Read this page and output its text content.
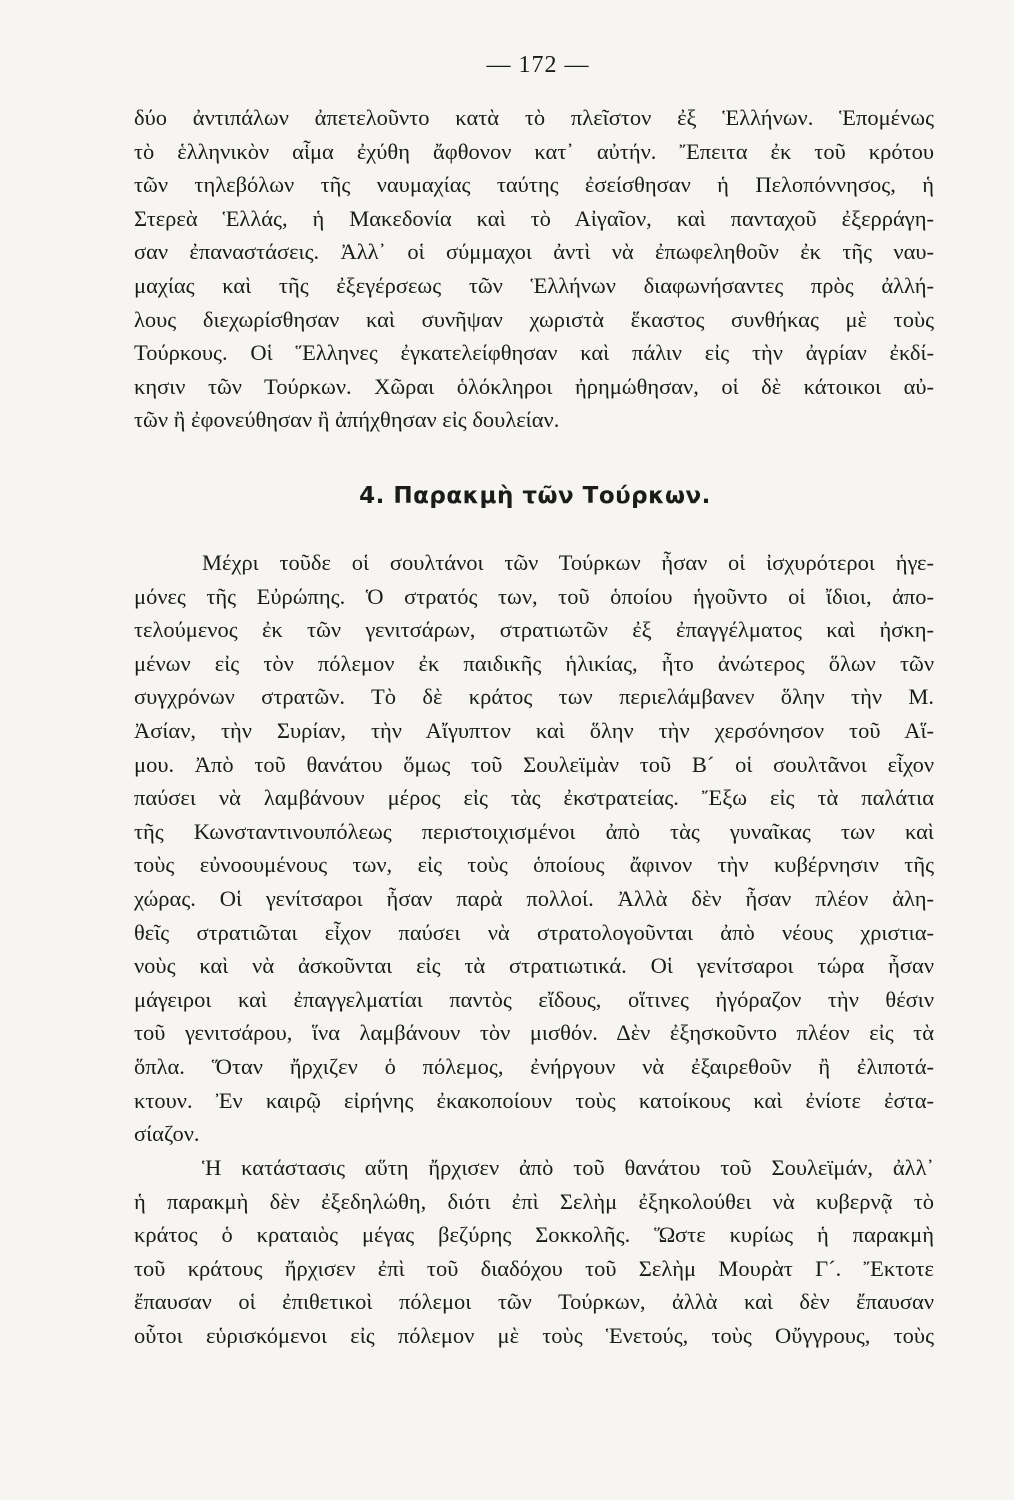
— 172 —
δύο ἀντιπάλων ἀπετελοῦντο κατὰ τὸ πλεῖστον ἐξ Ἑλλήνων. Ἑπομένως
τὸ ἑλληνικὸν αἷμα ἐχύθη ἄφθονον κατ᾽ αὐτήν. Ἔπειτα ἐκ τοῦ κρότου
τῶν τηλεβόλων τῆς ναυμαχίας ταύτης ἐσείσθησαν ἡ Πελοπόννησος, ἡ
Στερεὰ Ἑλλάς, ἡ Μακεδονία καὶ τὸ Αἰγαῖον, καὶ πανταχοῦ ἐξερράγη-
σαν ἐπαναστάσεις. Ἀλλ᾽ οἱ σύμμαχοι ἀντὶ νὰ ἐπωφεληθοῦν ἐκ τῆς ναυ-
μαχίας καὶ τῆς ἐξεγέρσεως τῶν Ἑλλήνων διαφωνήσαντες πρὸς ἀλλή-
λους διεχωρίσθησαν καὶ συνῆψαν χωριστὰ ἕκαστος συνθήκας μὲ τοὺς
Τούρκους. Οἱ Ἕλληνες ἐγκατελείφθησαν καὶ πάλιν εἰς τὴν ἀγρίαν ἐκδί-
κησιν τῶν Τούρκων. Χῶραι ὁλόκληροι ἠρημώθησαν, οἱ δὲ κάτοικοι αὐ-
τῶν ἢ ἐφονεύθησαν ἢ ἀπήχθησαν εἰς δουλείαν.
4. Παρακμὴ τῶν Τούρκων.
Μέχρι τοῦδε οἱ σουλτάνοι τῶν Τούρκων ἦσαν οἱ ἰσχυρότεροι ἡγε-
μόνες τῆς Εὐρώπης. Ὁ στρατός των, τοῦ ὁποίου ἡγοῦντο οἱ ἴδιοι, ἀπο-
τελούμενος ἐκ τῶν γενιτσάρων, στρατιωτῶν ἐξ ἐπαγγέλματος καὶ ἠσκη-
μένων εἰς τὸν πόλεμον ἐκ παιδικῆς ἡλικίας, ἦτο ἀνώτερος ὅλων τῶν
συγχρόνων στρατῶν. Τὸ δὲ κράτος των περιελάμβανεν ὅλην τὴν Μ.
Ἀσίαν, τὴν Συρίαν, τὴν Αἴγυπτον καὶ ὅλην τὴν χερσόνησον τοῦ Αἵ-
μου. Ἀπὸ τοῦ θανάτου ὅμως τοῦ Σουλεϊμὰν τοῦ Β´ οἱ σουλτᾶνοι εἶχον
παύσει νὰ λαμβάνουν μέρος εἰς τὰς ἐκστρατείας. Ἔξω εἰς τὰ παλάτια
τῆς Κωνσταντινουπόλεως περιστοιχισμένοι ἀπὸ τὰς γυναῖκας των καὶ
τοὺς εὐνοουμένους των, εἰς τοὺς ὁποίους ἄφινον τὴν κυβέρνησιν τῆς
χώρας. Οἱ γενίτσαροι ἦσαν παρὰ πολλοί. Ἀλλὰ δὲν ἦσαν πλέον ἀλη-
θεῖς στρατιῶται εἶχον παύσει νὰ στρατολογοῦνται ἀπὸ νέους χριστια-
νοὺς καὶ νὰ ἀσκοῦνται εἰς τὰ στρατιωτικά. Οἱ γενίτσαροι τώρα ἦσαν
μάγειροι καὶ ἐπαγγελματίαι παντὸς εἴδους, οἵτινες ἠγόραζον τὴν θέσιν
τοῦ γενιτσάρου, ἵνα λαμβάνουν τὸν μισθόν. Δὲν ἐξησκοῦντο πλέον εἰς τὰ
ὅπλα. Ὅταν ἤρχιζεν ὁ πόλεμος, ἐνήργουν νὰ ἐξαιρεθοῦν ἢ ἐλιποτά-
κτουν. Ἐν καιρῷ εἰρήνης ἐκακοποίουν τοὺς κατοίκους καὶ ἐνίοτε ἐστα-
σίαζον.
Ἡ κατάστασις αὕτη ἤρχισεν ἀπὸ τοῦ θανάτου τοῦ Σουλεϊμάν, ἀλλ᾽
ἡ παρακμὴ δὲν ἐξεδηλώθη, διότι ἐπὶ Σελὴμ ἐξηκολούθει νὰ κυβερνᾷ τὸ
κράτος ὁ κραταιὸς μέγας βεζύρης Σοκκολῆς. Ὥστε κυρίως ἡ παρακμὴ
τοῦ κράτους ἤρχισεν ἐπὶ τοῦ διαδόχου τοῦ Σελὴμ Μουρὰτ Γ´. Ἔκτοτε
ἔπαυσαν οἱ ἐπιθετικοὶ πόλεμοι τῶν Τούρκων, ἀλλὰ καὶ δὲν ἔπαυσαν
οὗτοι εὑρισκόμενοι εἰς πόλεμον μὲ τοὺς Ἑνετούς, τοὺς Οὔγγρους, τοὺς
